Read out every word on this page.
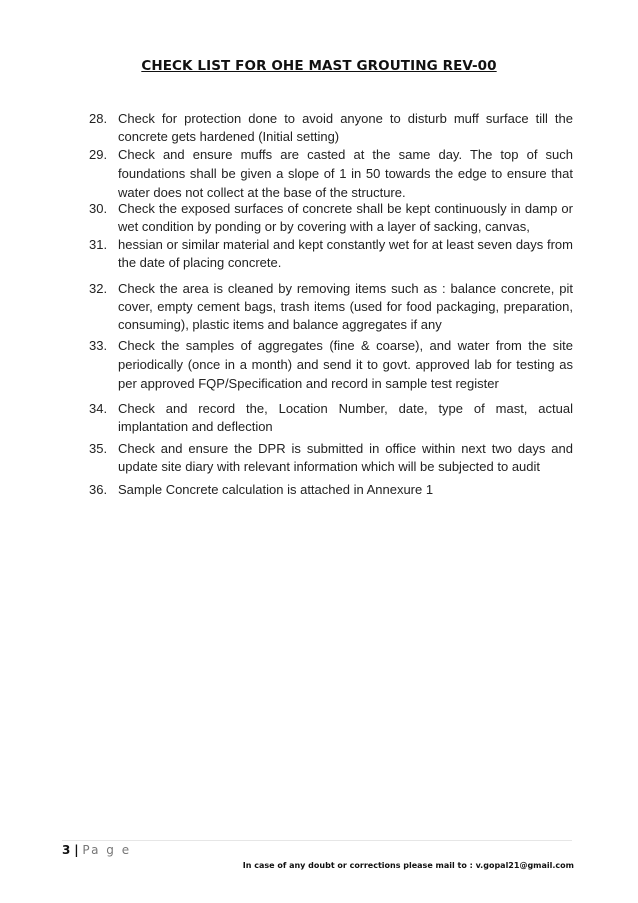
CHECK LIST FOR OHE MAST GROUTING REV-00
28. Check for protection done to avoid anyone to disturb muff surface till the concrete gets hardened (Initial setting)
29. Check and ensure muffs are casted at the same day. The top of such foundations shall be given a slope of 1 in 50 towards the edge to ensure that water does not collect at the base of the structure.
30. Check the exposed surfaces of concrete shall be kept continuously in damp or wet condition by ponding or by covering with a layer of sacking, canvas,
31. hessian or similar material and kept constantly wet for at least seven days from the date of placing concrete.
32. Check the area is cleaned by removing items such as : balance concrete, pit cover, empty cement bags, trash items (used for food packaging, preparation, consuming), plastic items and balance aggregates if any
33. Check the samples of aggregates (fine & coarse), and water from the site periodically (once in a month) and send it to govt. approved lab for testing as per approved FQP/Specification and record in sample test register
34. Check and record the, Location Number, date, type of mast, actual implantation and deflection
35. Check and ensure the DPR is submitted in office within next two days and update site diary with relevant information which will be subjected to audit
36. Sample Concrete calculation is attached in Annexure 1
3 | Pa g e
In case of any doubt or corrections please mail to : v.gopal21@gmail.com
